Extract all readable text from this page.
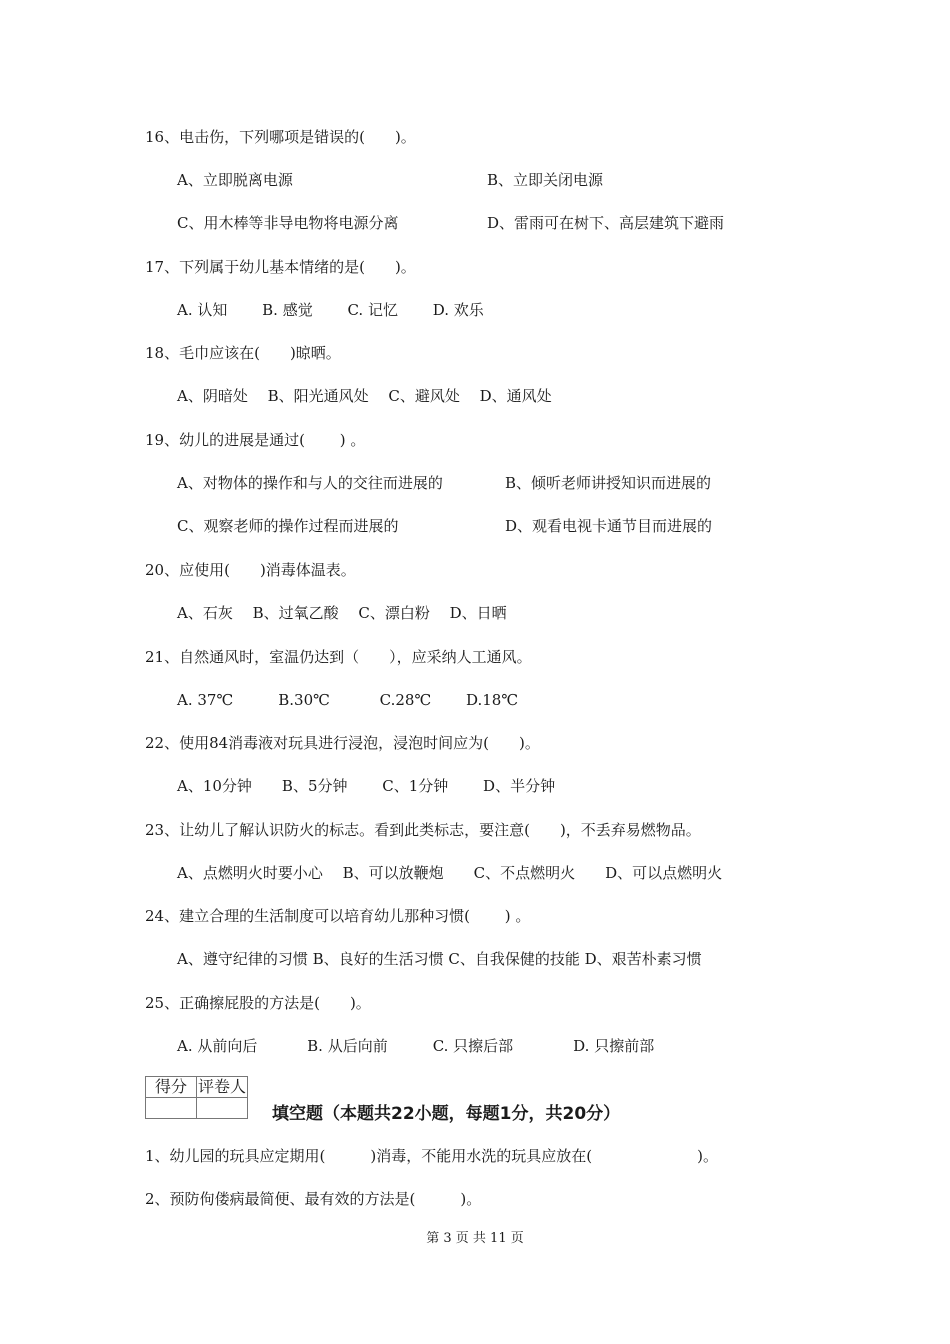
16、电击伤，下列哪项是错误的(　　)。
A、立即脱离电源	B、立即关闭电源
C、用木棒等非导电物将电源分离	D、雷雨可在树下、高层建筑下避雨
17、下列属于幼儿基本情绪的是(　　)。
A. 认知　　 B. 感觉　　 C. 记忆　　 D. 欢乐
18、毛巾应该在(　　)晾晒。
A、阴暗处　 B、阳光通风处　 C、避风处　 D、通风处
19、幼儿的进展是通过(　　 ) 。
A、对物体的操作和与人的交往而进展的	B、倾听老师讲授知识而进展的
C、观察老师的操作过程而进展的	D、观看电视卡通节目而进展的
20、应使用(　　)消毒体温表。
A、石灰　 B、过氧乙酸　 C、漂白粉　 D、日晒
21、自然通风时，室温仍达到（　　），应采纳人工通风。
A. 37℃　　　B.30℃　　　 C.28℃　　 D.18℃
22、使用84消毒液对玩具进行浸泡，浸泡时间应为(　　)。
A、10分钟　　B、5分钟　　 C、1分钟　　 D、半分钟
23、让幼儿了解认识防火的标志。看到此类标志，要注意(　　)，不丢弃易燃物品。
A、点燃明火时要小心　 B、可以放鞭炮　　C、不点燃明火　　D、可以点燃明火
24、建立合理的生活制度可以培育幼儿那种习惯(　　 ) 。
A、遵守纪律的习惯 B、良好的生活习惯 C、自我保健的技能 D、艰苦朴素习惯
25、正确擦屁股的方法是(　　)。
A. 从前向后　　　 B. 从后向前　　　C. 只擦后部　　　　D. 只擦前部
得分	评卷人

填空题（本题共22小题，每题1分，共20分）
1、幼儿园的玩具应定期用(　　　)消毒，不能用水洗的玩具应放在(　　　　　　　)。
2、预防佝偻病最简便、最有效的方法是(　　　)。
第 3 页 共 11 页
